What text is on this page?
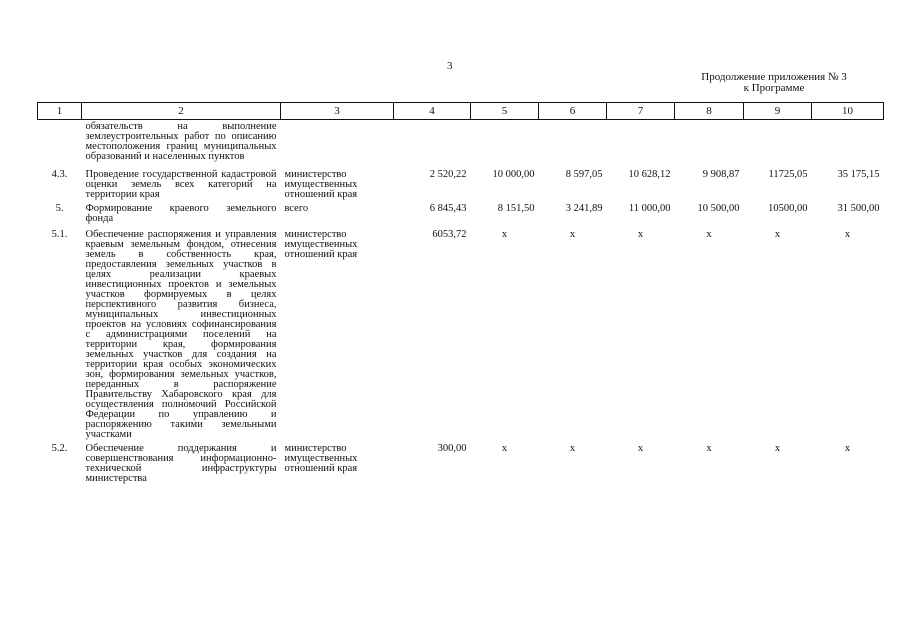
3
Продолжение приложения № 3
к Программе
1	2	3	4	5	6	7	8	9	10
	обязательств на выполнение землеустроительных работ по описанию местоположения границ муниципальных образований и населенных пунктов								
4.3.	Проведение государственной кадастровой оценки земель всех категорий на территории края	министерство имущественных отношений края	2 520,22	10 000,00	8 597,05	10 628,12	9 908,87	11725,05	35 175,15
5.	Формирование краевого земельного фонда	всего	6 845,43	8 151,50	3 241,89	11 000,00	10 500,00	10500,00	31 500,00
5.1.	Обеспечение распоряжения и управления краевым земельным фондом, отнесения земель в собственность края, предоставления земельных участков в целях реализации краевых инвестиционных проектов и земельных участков формируемых в целях перспективного развития бизнеса, муниципальных инвестиционных проектов на условиях софинансирования с администрациями поселений на территории края, формирования земельных участков для создания на территории края особых экономических зон, формирования земельных участков, переданных в распоряжение Правительству Хабаровского края для осуществления полномочий Российской Федерации по управлению и распоряжению такими земельными участками	министерство имущественных отношений края	6053,72	х	х	х	х	х	х
5.2.	Обеспечение поддержания и совершенствования информационно-технической инфраструктуры министерства	министерство имущественных отношений края	300,00	х	х	х	х	х	х
